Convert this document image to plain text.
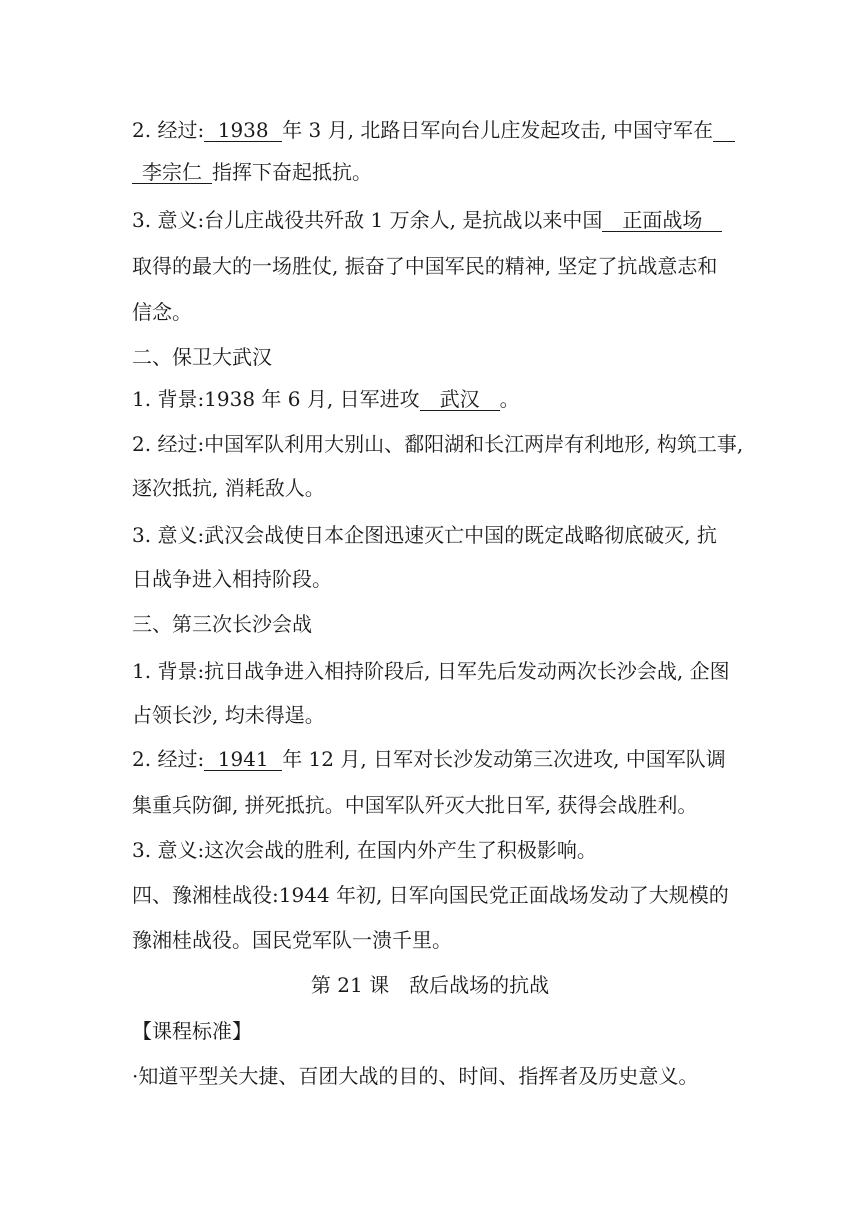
2. 经过: 1938 年 3 月, 北路日军向台儿庄发起攻击, 中国守军在
李宗仁 指挥下奋起抵抗。
3. 意义:台儿庄战役共歼敌 1 万余人, 是抗战以来中国 正面战场
取得的最大的一场胜仗, 振奋了中国军民的精神, 坚定了抗战意志和
信念。
二、保卫大武汉
1. 背景:1938 年 6 月, 日军进攻 武汉 。
2. 经过:中国军队利用大别山、鄱阳湖和长江两岸有利地形, 构筑工事,
逐次抵抗, 消耗敌人。
3. 意义:武汉会战使日本企图迅速灭亡中国的既定战略彻底破灭, 抗
日战争进入相持阶段。
三、第三次长沙会战
1. 背景:抗日战争进入相持阶段后, 日军先后发动两次长沙会战, 企图
占领长沙, 均未得逞。
2. 经过: 1941 年 12 月, 日军对长沙发动第三次进攻, 中国军队调
集重兵防御, 拼死抵抗。中国军队歼灭大批日军, 获得会战胜利。
3. 意义:这次会战的胜利, 在国内外产生了积极影响。
四、豫湘桂战役:1944 年初, 日军向国民党正面战场发动了大规模的
豫湘桂战役。国民党军队一溃千里。
第 21 课　敌后战场的抗战
【课程标准】
·知道平型关大捷、百团大战的目的、时间、指挥者及历史意义。
